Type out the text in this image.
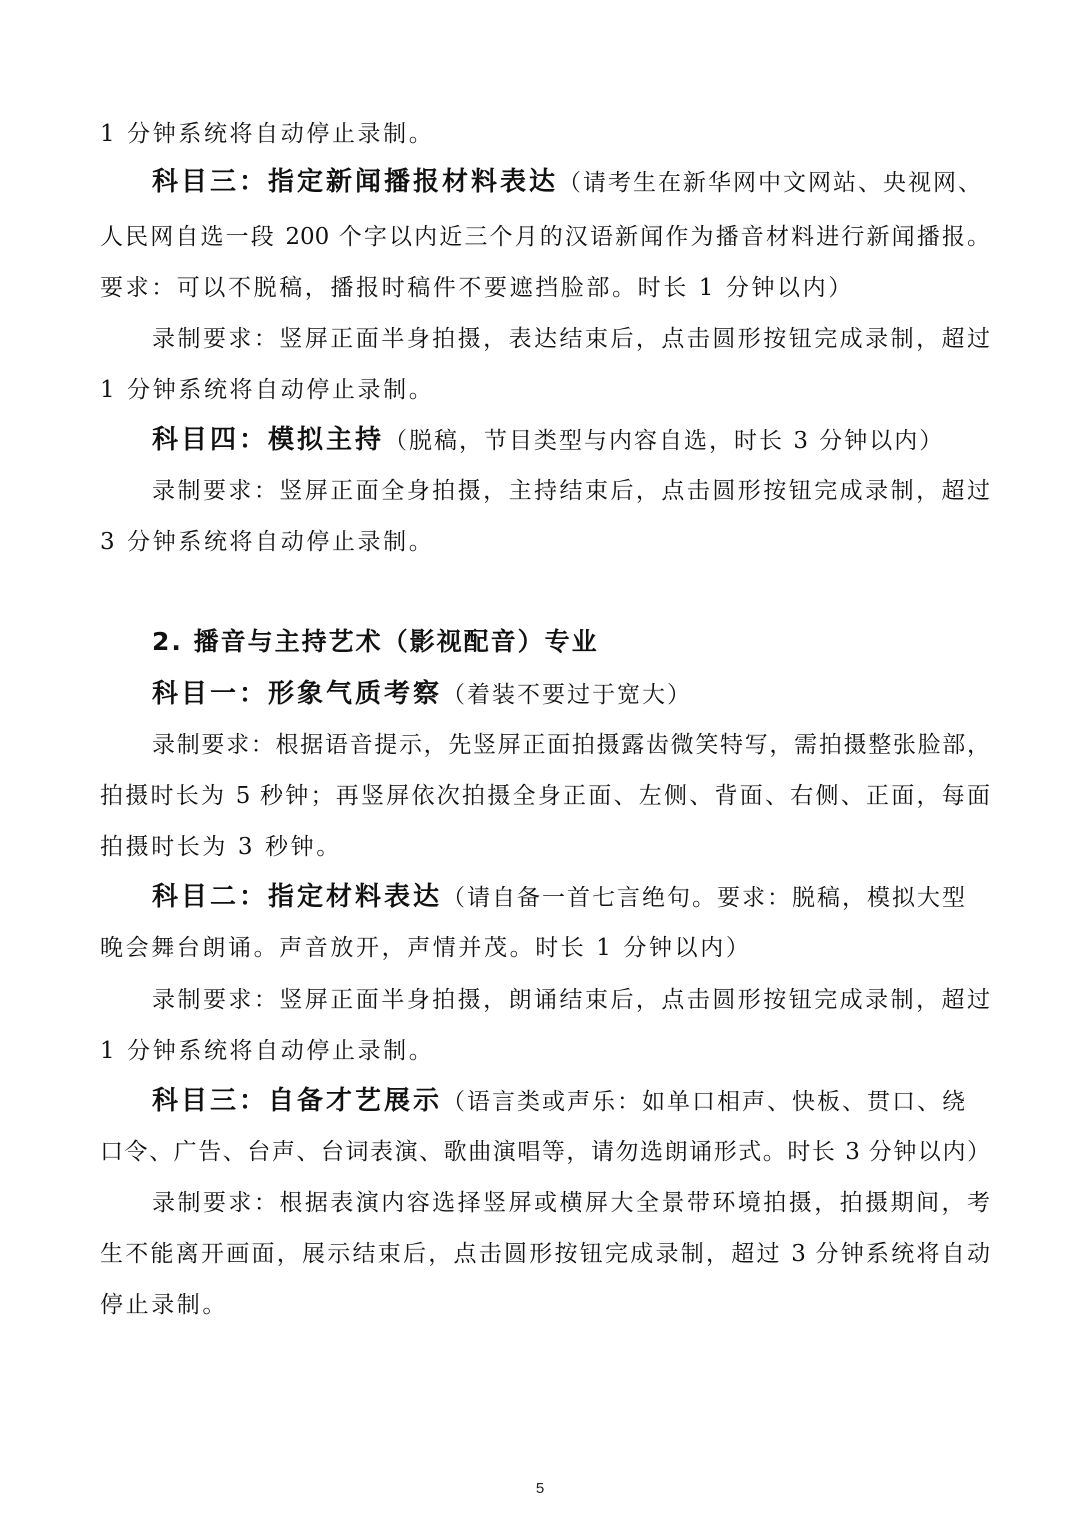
1 分钟系统将自动停止录制。
科目三：指定新闻播报材料表达（请考生在新华网中文网站、央视网、
人民网自选一段 200 个字以内近三个月的汉语新闻作为播音材料进行新闻播报。
要求：可以不脱稿，播报时稿件不要遮挡脸部。时长 1 分钟以内）
录制要求：竖屏正面半身拍摄，表达结束后，点击圆形按钮完成录制，超过
1 分钟系统将自动停止录制。
科目四：模拟主持（脱稿，节目类型与内容自选，时长 3 分钟以内）
录制要求：竖屏正面全身拍摄，主持结束后，点击圆形按钮完成录制，超过
3 分钟系统将自动停止录制。
2. 播音与主持艺术（影视配音）专业
科目一：形象气质考察（着装不要过于宽大）
录制要求：根据语音提示，先竖屏正面拍摄露齿微笑特写，需拍摄整张脸部，
拍摄时长为 5 秒钟；再竖屏依次拍摄全身正面、左侧、背面、右侧、正面，每面
拍摄时长为 3 秒钟。
科目二：指定材料表达（请自备一首七言绝句。要求：脱稿，模拟大型
晚会舞台朗诵。声音放开，声情并茂。时长 1 分钟以内）
录制要求：竖屏正面半身拍摄，朗诵结束后，点击圆形按钮完成录制，超过
1 分钟系统将自动停止录制。
科目三：自备才艺展示（语言类或声乐：如单口相声、快板、贯口、绕
口令、广告、台声、台词表演、歌曲演唱等，请勿选朗诵形式。时长 3 分钟以内）
录制要求：根据表演内容选择竖屏或横屏大全景带环境拍摄，拍摄期间，考
生不能离开画面，展示结束后，点击圆形按钮完成录制，超过 3 分钟系统将自动
停止录制。
5
